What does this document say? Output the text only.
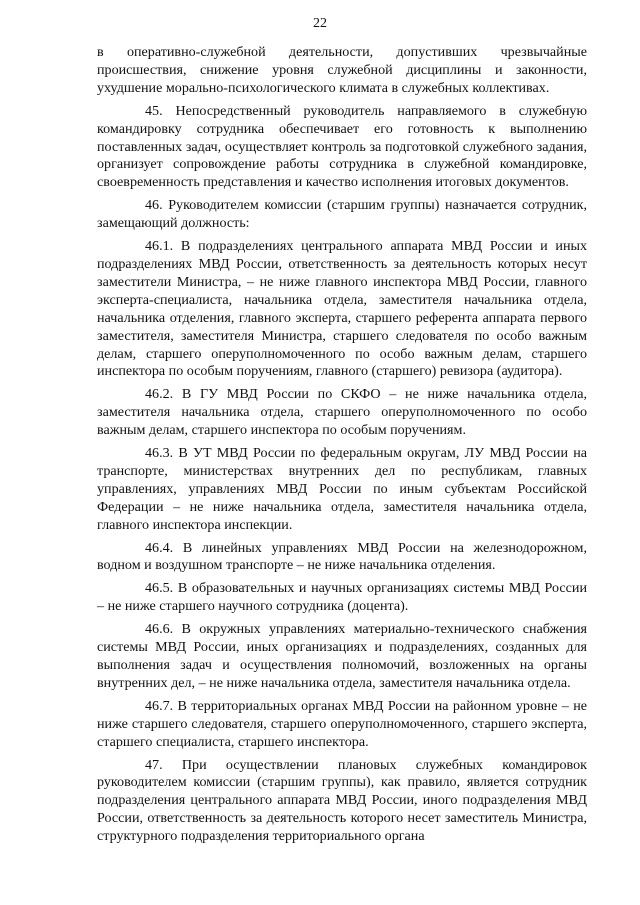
22

в оперативно-служебной деятельности, допустивших чрезвычайные происшествия, снижение уровня служебной дисциплины и законности, ухудшение морально-психологического климата в служебных коллективах.

45. Непосредственный руководитель направляемого в служебную командировку сотрудника обеспечивает его готовность к выполнению поставленных задач, осуществляет контроль за подготовкой служебного задания, организует сопровождение работы сотрудника в служебной командировке, своевременность представления и качество исполнения итоговых документов.

46. Руководителем комиссии (старшим группы) назначается сотрудник, замещающий должность:

46.1. В подразделениях центрального аппарата МВД России и иных подразделениях МВД России, ответственность за деятельность которых несут заместители Министра, – не ниже главного инспектора МВД России, главного эксперта-специалиста, начальника отдела, заместителя начальника отдела, начальника отделения, главного эксперта, старшего референта аппарата первого заместителя, заместителя Министра, старшего следователя по особо важным делам, старшего оперуполномоченного по особо важным делам, старшего инспектора по особым поручениям, главного (старшего) ревизора (аудитора).

46.2. В ГУ МВД России по СКФО – не ниже начальника отдела, заместителя начальника отдела, старшего оперуполномоченного по особо важным делам, старшего инспектора по особым поручениям.

46.3. В УТ МВД России по федеральным округам, ЛУ МВД России на транспорте, министерствах внутренних дел по республикам, главных управлениях, управлениях МВД России по иным субъектам Российской Федерации – не ниже начальника отдела, заместителя начальника отдела, главного инспектора инспекции.

46.4. В линейных управлениях МВД России на железнодорожном, водном и воздушном транспорте – не ниже начальника отделения.

46.5. В образовательных и научных организациях системы МВД России – не ниже старшего научного сотрудника (доцента).

46.6. В окружных управлениях материально-технического снабжения системы МВД России, иных организациях и подразделениях, созданных для выполнения задач и осуществления полномочий, возложенных на органы внутренних дел, – не ниже начальника отдела, заместителя начальника отдела.

46.7. В территориальных органах МВД России на районном уровне – не ниже старшего следователя, старшего оперуполномоченного, старшего эксперта, старшего специалиста, старшего инспектора.

47. При осуществлении плановых служебных командировок руководителем комиссии (старшим группы), как правило, является сотрудник подразделения центрального аппарата МВД России, иного подразделения МВД России, ответственность за деятельность которого несет заместитель Министра, структурного подразделения территориального органа
